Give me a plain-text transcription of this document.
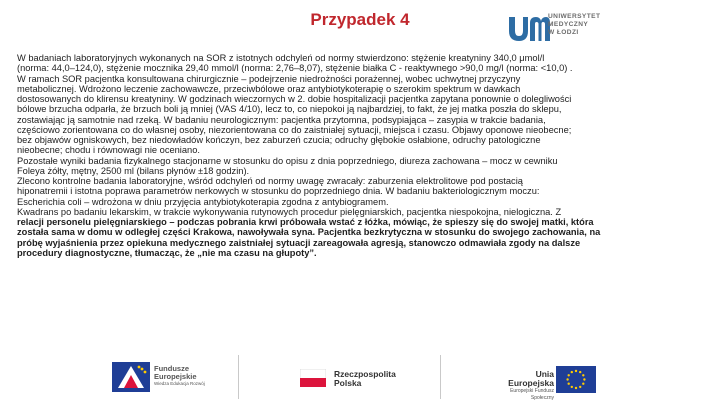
Przypadek 4	UNIWERSYTET
MEDYCZNY
W ŁODZI
W badaniach laboratoryjnych wykonanych na SOR z istotnych odchyleń od normy stwierdzono: stężenie kreatyniny 340,0 μmol/l
(norma: 44,0–124,0), stężenie mocznika 29,40 mmol/l (norma: 2,76–8,07), stężenie białka C - reaktywnego >90,0 mg/l (norma: <10,0) .
W ramach SOR pacjentka konsultowana chirurgicznie – podejrzenie niedrożności porażennej, wobec uchwytnej przyczyny
metabolicznej. Wdrożono leczenie zachowawcze, przeciwbólowe oraz antybiotykoterapię o szerokim spektrum w dawkach
dostosowanych do klirensu kreatyniny. W godzinach wieczornych w 2. dobie hospitalizacji pacjentka zapytana ponownie o dolegliwości
bólowe brzucha odparła, że brzuch boli ją mniej (VAS 4/10), lecz to, co niepokoi ją najbardziej, to fakt, że jej matka poszła do sklepu,
zostawiając ją samotnie nad rzeką. W badaniu neurologicznym: pacjentka przytomna, podsypiająca – zasypia w trakcie badania,
częściowo zorientowana co do własnej osoby, niezorientowana co do zaistniałej sytuacji, miejsca i czasu. Objawy oponowe nieobecne;
bez objawów ogniskowych, bez niedowładów kończyn, bez zaburzeń czucia; odruchy głębokie osłabione, odruchy patologiczne
nieobecne; chodu i równowagi nie oceniano.
Pozostałe wyniki badania fizykalnego stacjonarne w stosunku do opisu z dnia poprzedniego, diureza zachowana – mocz w cewniku
Foleya żółty, mętny, 2500 ml (bilans płynów ±18 godzin).
Zlecono kontrolne badania laboratoryjne, wśród odchyleń od normy uwagę zwracały: zaburzenia elektrolitowe pod postacią
hiponatremii i istotna poprawa parametrów nerkowych w stosunku do poprzedniego dnia. W badaniu bakteriologicznym moczu:
Escherichia coli – wdrożona w dniu przyjęcia antybiotykoterapia zgodna z antybiogramem.
Kwadrans po badaniu lekarskim, w trakcie wykonywania rutynowych procedur pielęgniarskich, pacjentka niespokojna, nielogiczna. Z
relacji personelu pielęgniarskiego – podczas pobrania krwi próbowała wstać z łóżka, mówiąc, że spieszy się do swojej matki, która
została sama w domu w odległej części Krakowa, nawoływała syna. Pacjentka bezkrytyczna w stosunku do swojego zachowania, na
próbę wyjaśnienia przez opiekuna medycznego zaistniałej sytuacji zareagowała agresją, stanowczo odmawiała zgody na dalsze
procedury diagnostyczne, tłumacząc, że „nie ma czasu na głupoty”.
Fundusze
Europejskie
Wiedza Edukacja Rozwój
Rzeczpospolita
Polska
Unia Europejska
Europejski Fundusz Społeczny
